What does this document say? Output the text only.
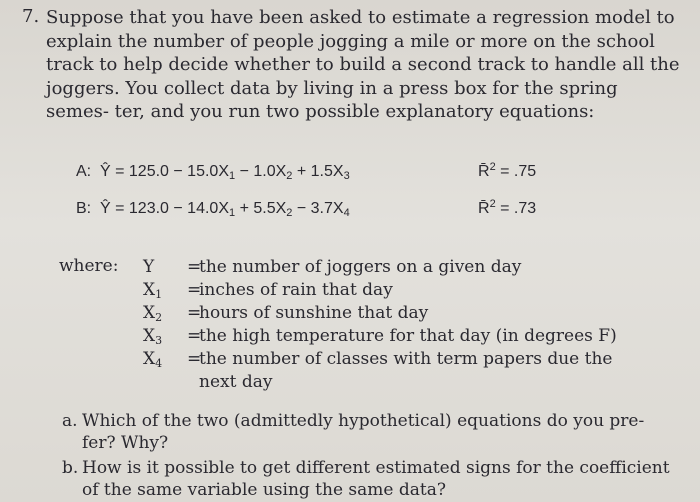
7. Suppose that you have been asked to estimate a regression model to explain the number of people jogging a mile or more on the school track to help decide whether to build a second track to handle all the joggers. You collect data by living in a press box for the spring semes- ter, and you run two possible explanatory equations:

A: Ŷ = $125.0 - 15.0X_1 - 1.0X_2 + 1.5X_3$	R̄$^2$ = .75
B: Ŷ = $123.0 - 14.0X_1 + 5.5X_2 - 3.7X_4$	R̄$^2$ = .73
where: Y =
the number of joggers on a given day
$X_1$ =
inches of rain that day
$X_2$ =
hours of sunshine that day
$X_3$ =
the high temperature for that day (in degrees F)
$X_4$ =
the number of classes with term papers due the
next day
a. Which of the two (admittedly hypothetical) equations do you pre-
fer? Why?
b. How is it possible to get different estimated signs for the coefficient
of the same variable using the same data?
